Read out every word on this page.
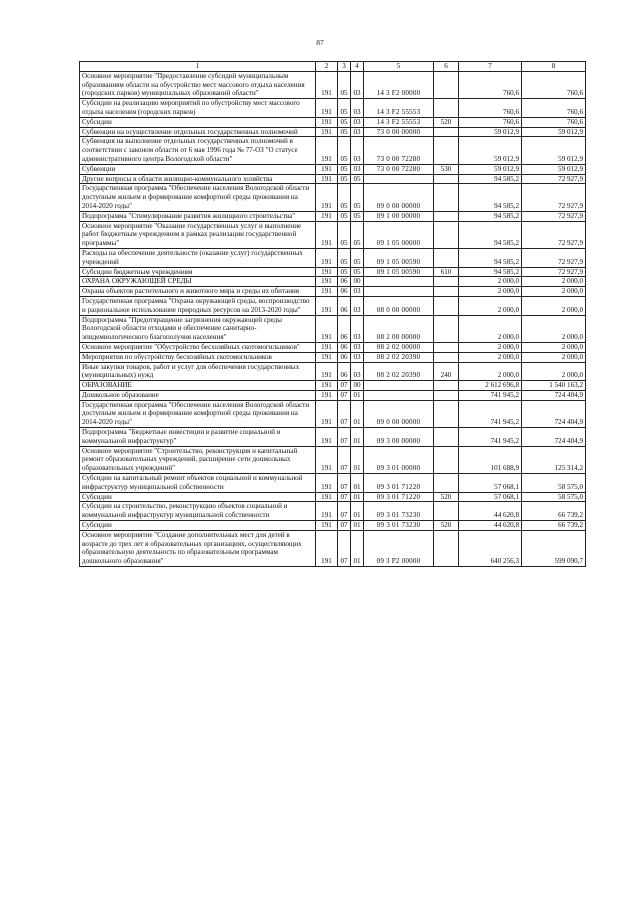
87
1	2	3	4	5	6	7	8
Основное мероприятие "Предоставление субсидий муниципальным образованиям области на обустройство мест массового отдыха населения (городских парков) муниципальных образований области"	191	05	03	14 3 F2 00000		760,6	760,6
Субсидии на реализацию мероприятий по обустройству мест массового отдыха населения (городских парков)	191	05	03	14 3 F2 55553		760,6	760,6
Субсидии	191	05	03	14 3 F2 55553	520	760,6	760,6
Субвенции на осуществление отдельных государственных полномочий	191	05	03	73 0 00 00000		59 012,9	59 012,9
Субвенция на выполнение отдельных государственных полномочий в соответствии с законом области от 6 мая 1996 года № 77-ОЗ "О статусе административного центра Вологодской области"	191	05	03	73 0 00 72280		59 012,9	59 012,9
Субвенции	191	05	03	73 0 00 72280	530	59 012,9	59 012,9
Другие вопросы в области жилищно-коммунального хозяйства	191	05	05			94 585,2	72 927,9
Государственная программа "Обеспечение населения Вологодской области доступным жильем и формирование комфортной среды проживания на 2014-2020 годы"	191	05	05	09 0 00 00000		94 585,2	72 927,9
Подпрограмма "Стимулирование развития жилищного строительства"	191	05	05	09 1 00 00000		94 585,2	72 927,9
Основное мероприятие "Оказание государственных услуг и выполнение работ бюджетным учреждением в рамках реализации государственной программы"	191	05	05	09 1 05 00000		94 585,2	72 927,9
Расходы на обеспечение деятельности (оказание услуг) государственных учреждений	191	05	05	09 1 05 00590		94 585,2	72 927,9
Субсидии бюджетным учреждениям	191	05	05	09 1 05 00590	610	94 585,2	72 927,9
ОХРАНА ОКРУЖАЮЩЕЙ СРЕДЫ	191	06	00			2 000,0	2 000,0
Охрана объектов растительного и животного мира и среды их обитания	191	06	03			2 000,0	2 000,0
Государственная программа "Охрана окружающей среды, воспроизводство и рациональное использование природных ресурсов на 2013-2020 годы"	191	06	03	08 0 00 00000		2 000,0	2 000,0
Подпрограмма "Предотвращение загрязнения окружающей среды Вологодской области отходами и обеспечение санитарно-эпидемиологического благополучия населения"	191	06	03	08 2 00 00000		2 000,0	2 000,0
Основное мероприятие "Обустройство бесхозяйных скотомогильников"	191	06	03	08 2 02 00000		2 000,0	2 000,0
Мероприятия по обустройству бесхозяйных скотомогильников	191	06	03	08 2 02 20390		2 000,0	2 000,0
Иные закупки товаров, работ и услуг для обеспечения государственных (муниципальных) нужд	191	06	03	08 2 02 20390	240	2 000,0	2 000,0
ОБРАЗОВАНИЕ	191	07	00			2 612 696,8	1 540 163,2
Дошкольное образование	191	07	01			741 945,2	724 404,9
Государственная программа "Обеспечение населения Вологодской области доступным жильем и формирование комфортной среды проживания на 2014-2020 годы"	191	07	01	09 0 00 00000		741 945,2	724 404,9
Подпрограмма "Бюджетные инвестиции в развитие социальной и коммунальной инфраструктур"	191	07	01	09 3 00 00000		741 945,2	724 404,9
Основное мероприятие "Строительство, реконструкция и капитальный ремонт образовательных учреждений, расширение сети дошкольных образовательных учреждений"	191	07	01	09 3 01 00000		101 688,9	125 314,2
Субсидии на капитальный ремонт объектов социальной и коммунальной инфраструктур муниципальной собственности	191	07	01	09 3 01 71220		57 068,1	58 575,0
Субсидии	191	07	01	09 3 01 71220	520	57 068,1	58 575,0
Субсидии на строительство, реконструкцию объектов социальной и коммунальной инфраструктур муниципальной собственности	191	07	01	09 3 01 73230		44 620,8	66 739,2
Субсидии	191	07	01	09 3 01 73230	520	44 620,8	66 739,2
Основное мероприятие "Создание дополнительных мест для детей в возрасте до трех лет в образовательных организациях, осуществляющих образовательную деятельность по образовательным программам дошкольного образования"	191	07	01	09 3 P2 00000		640 256,3	599 090,7
